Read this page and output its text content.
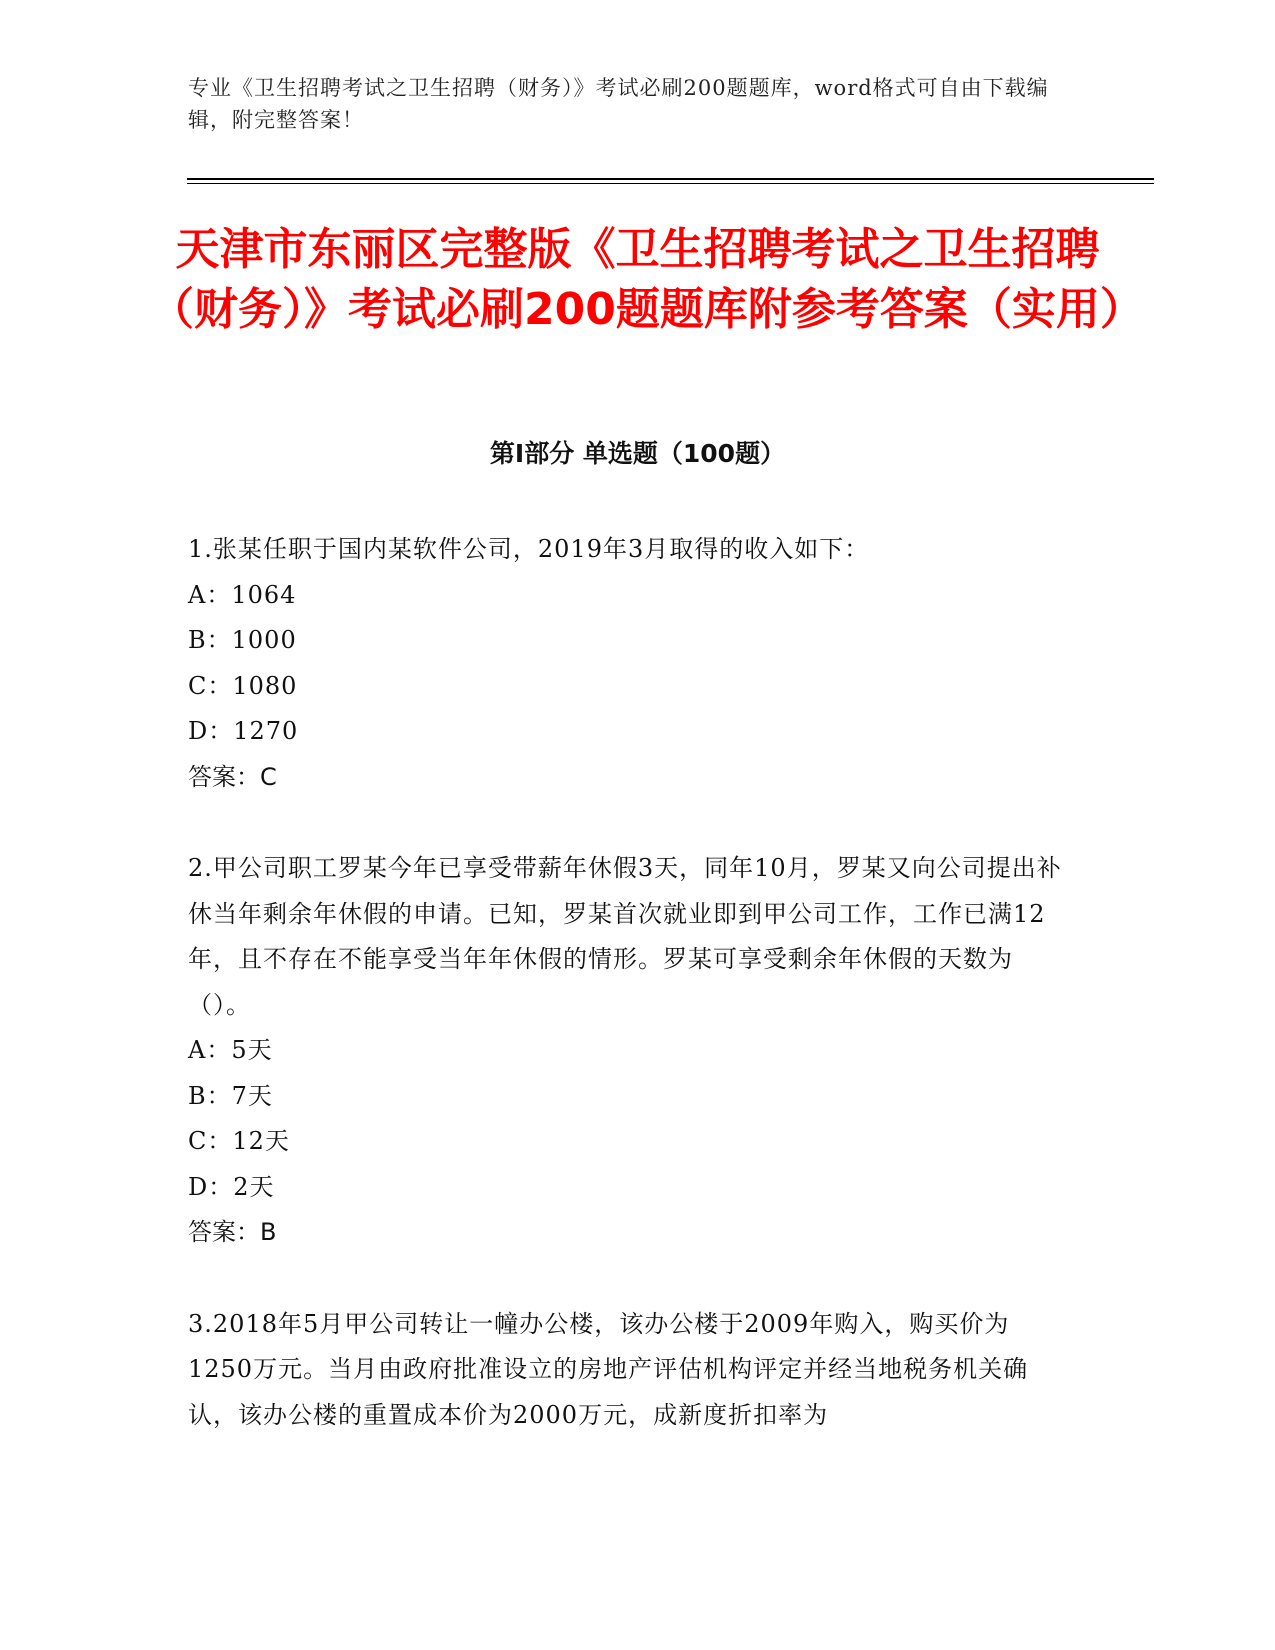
专业《卫生招聘考试之卫生招聘（财务）》考试必刷200题题库，word格式可自由下载编辑，附完整答案！
天津市东丽区完整版《卫生招聘考试之卫生招聘（财务）》考试必刷200题题库附参考答案（实用）
第Ⅰ部分 单选题（100题）
1.张某任职于国内某软件公司，2019年3月取得的收入如下：
A：1064
B：1000
C：1080
D：1270
答案：C
2.甲公司职工罗某今年已享受带薪年休假3天，同年10月，罗某又向公司提出补休当年剩余年休假的申请。已知，罗某首次就业即到甲公司工作，工作已满12年，且不存在不能享受当年年休假的情形。罗某可享受剩余年休假的天数为（）。
A：5天
B：7天
C：12天
D：2天
答案：B
3.2018年5月甲公司转让一幢办公楼，该办公楼于2009年购入，购买价为1250万元。当月由政府批准设立的房地产评估机构评定并经当地税务机关确认，该办公楼的重置成本价为2000万元，成新度折扣率为
